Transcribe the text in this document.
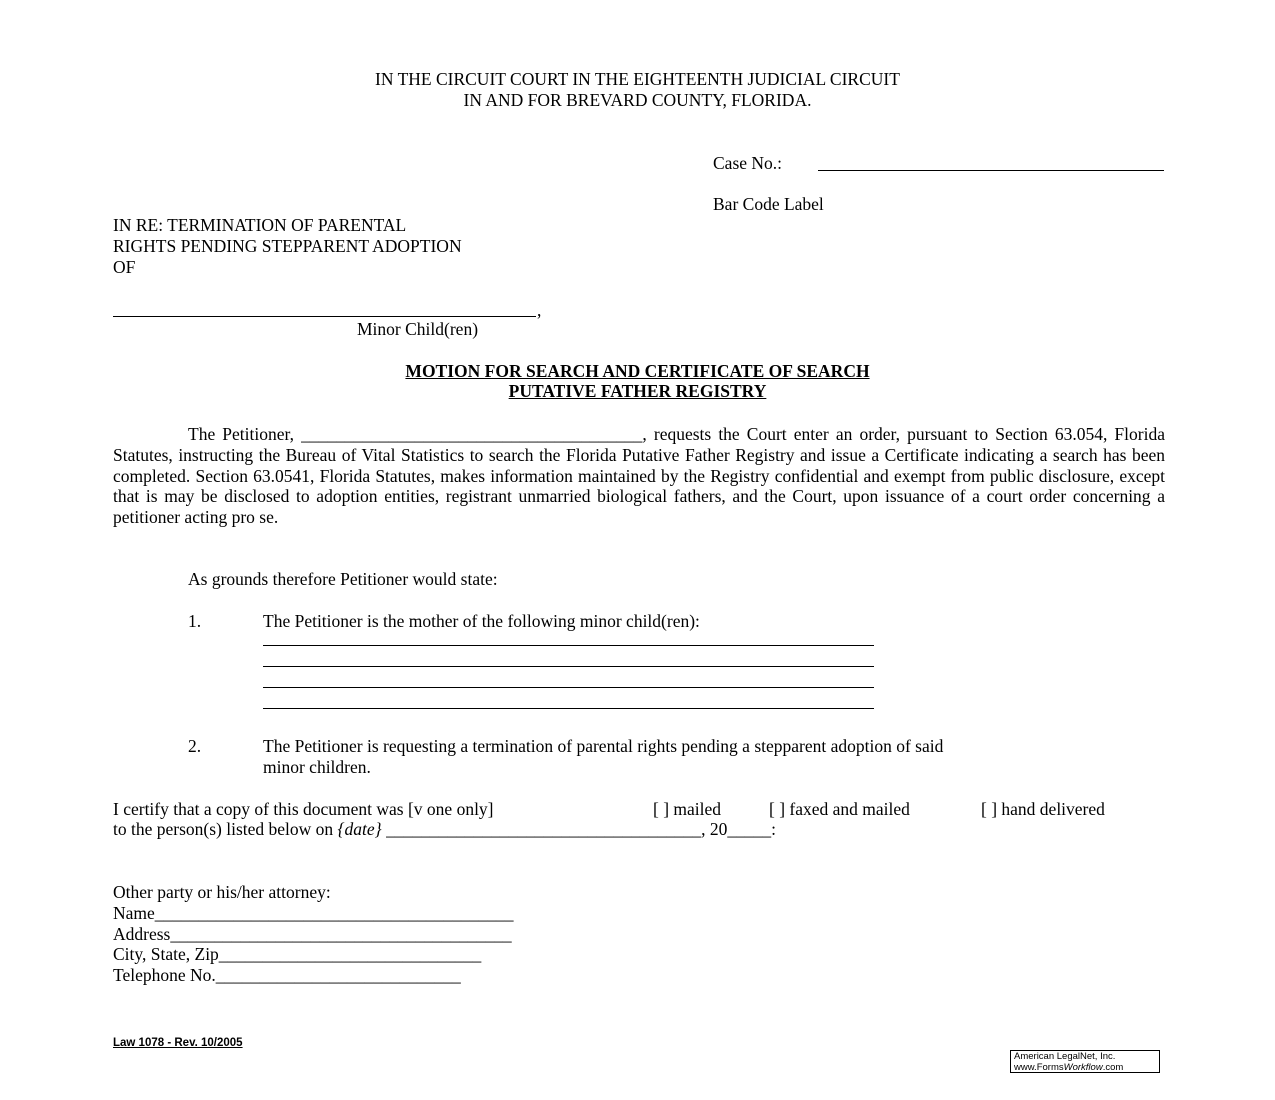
IN THE CIRCUIT COURT IN THE EIGHTEENTH JUDICIAL CIRCUIT
IN AND FOR BREVARD COUNTY, FLORIDA.
Case No.:
Bar Code Label
IN RE: TERMINATION OF PARENTAL
RIGHTS PENDING STEPPARENT ADOPTION
OF
,
Minor Child(ren)
MOTION FOR SEARCH AND CERTIFICATE OF SEARCH
PUTATIVE FATHER REGISTRY
The Petitioner, _______________________________________, requests the Court enter an order, pursuant to Section 63.054, Florida Statutes, instructing the Bureau of Vital Statistics to search the Florida Putative Father Registry and issue a Certificate indicating a search has been completed. Section 63.0541, Florida Statutes, makes information maintained by the Registry confidential and exempt from public disclosure, except that is may be disclosed to adoption entities, registrant unmarried biological fathers, and the Court, upon issuance of a court order concerning a petitioner acting pro se.
As grounds therefore Petitioner would state:
1.	The Petitioner is the mother of the following minor child(ren):
2.	The Petitioner is requesting a termination of parental rights pending a stepparent adoption of said
minor children.
I certify that a copy of this document was [v one only]	[ ] mailed	[ ] faxed and mailed	[ ] hand delivered
to the person(s) listed below on {date} ____________________________________, 20_____:
Other party or his/her attorney:
Name_________________________________________
Address_______________________________________
City, State, Zip______________________________
Telephone No.____________________________
Law 1078 - Rev. 10/2005
American LegalNet, Inc.
www.FormsWorkflow.com
